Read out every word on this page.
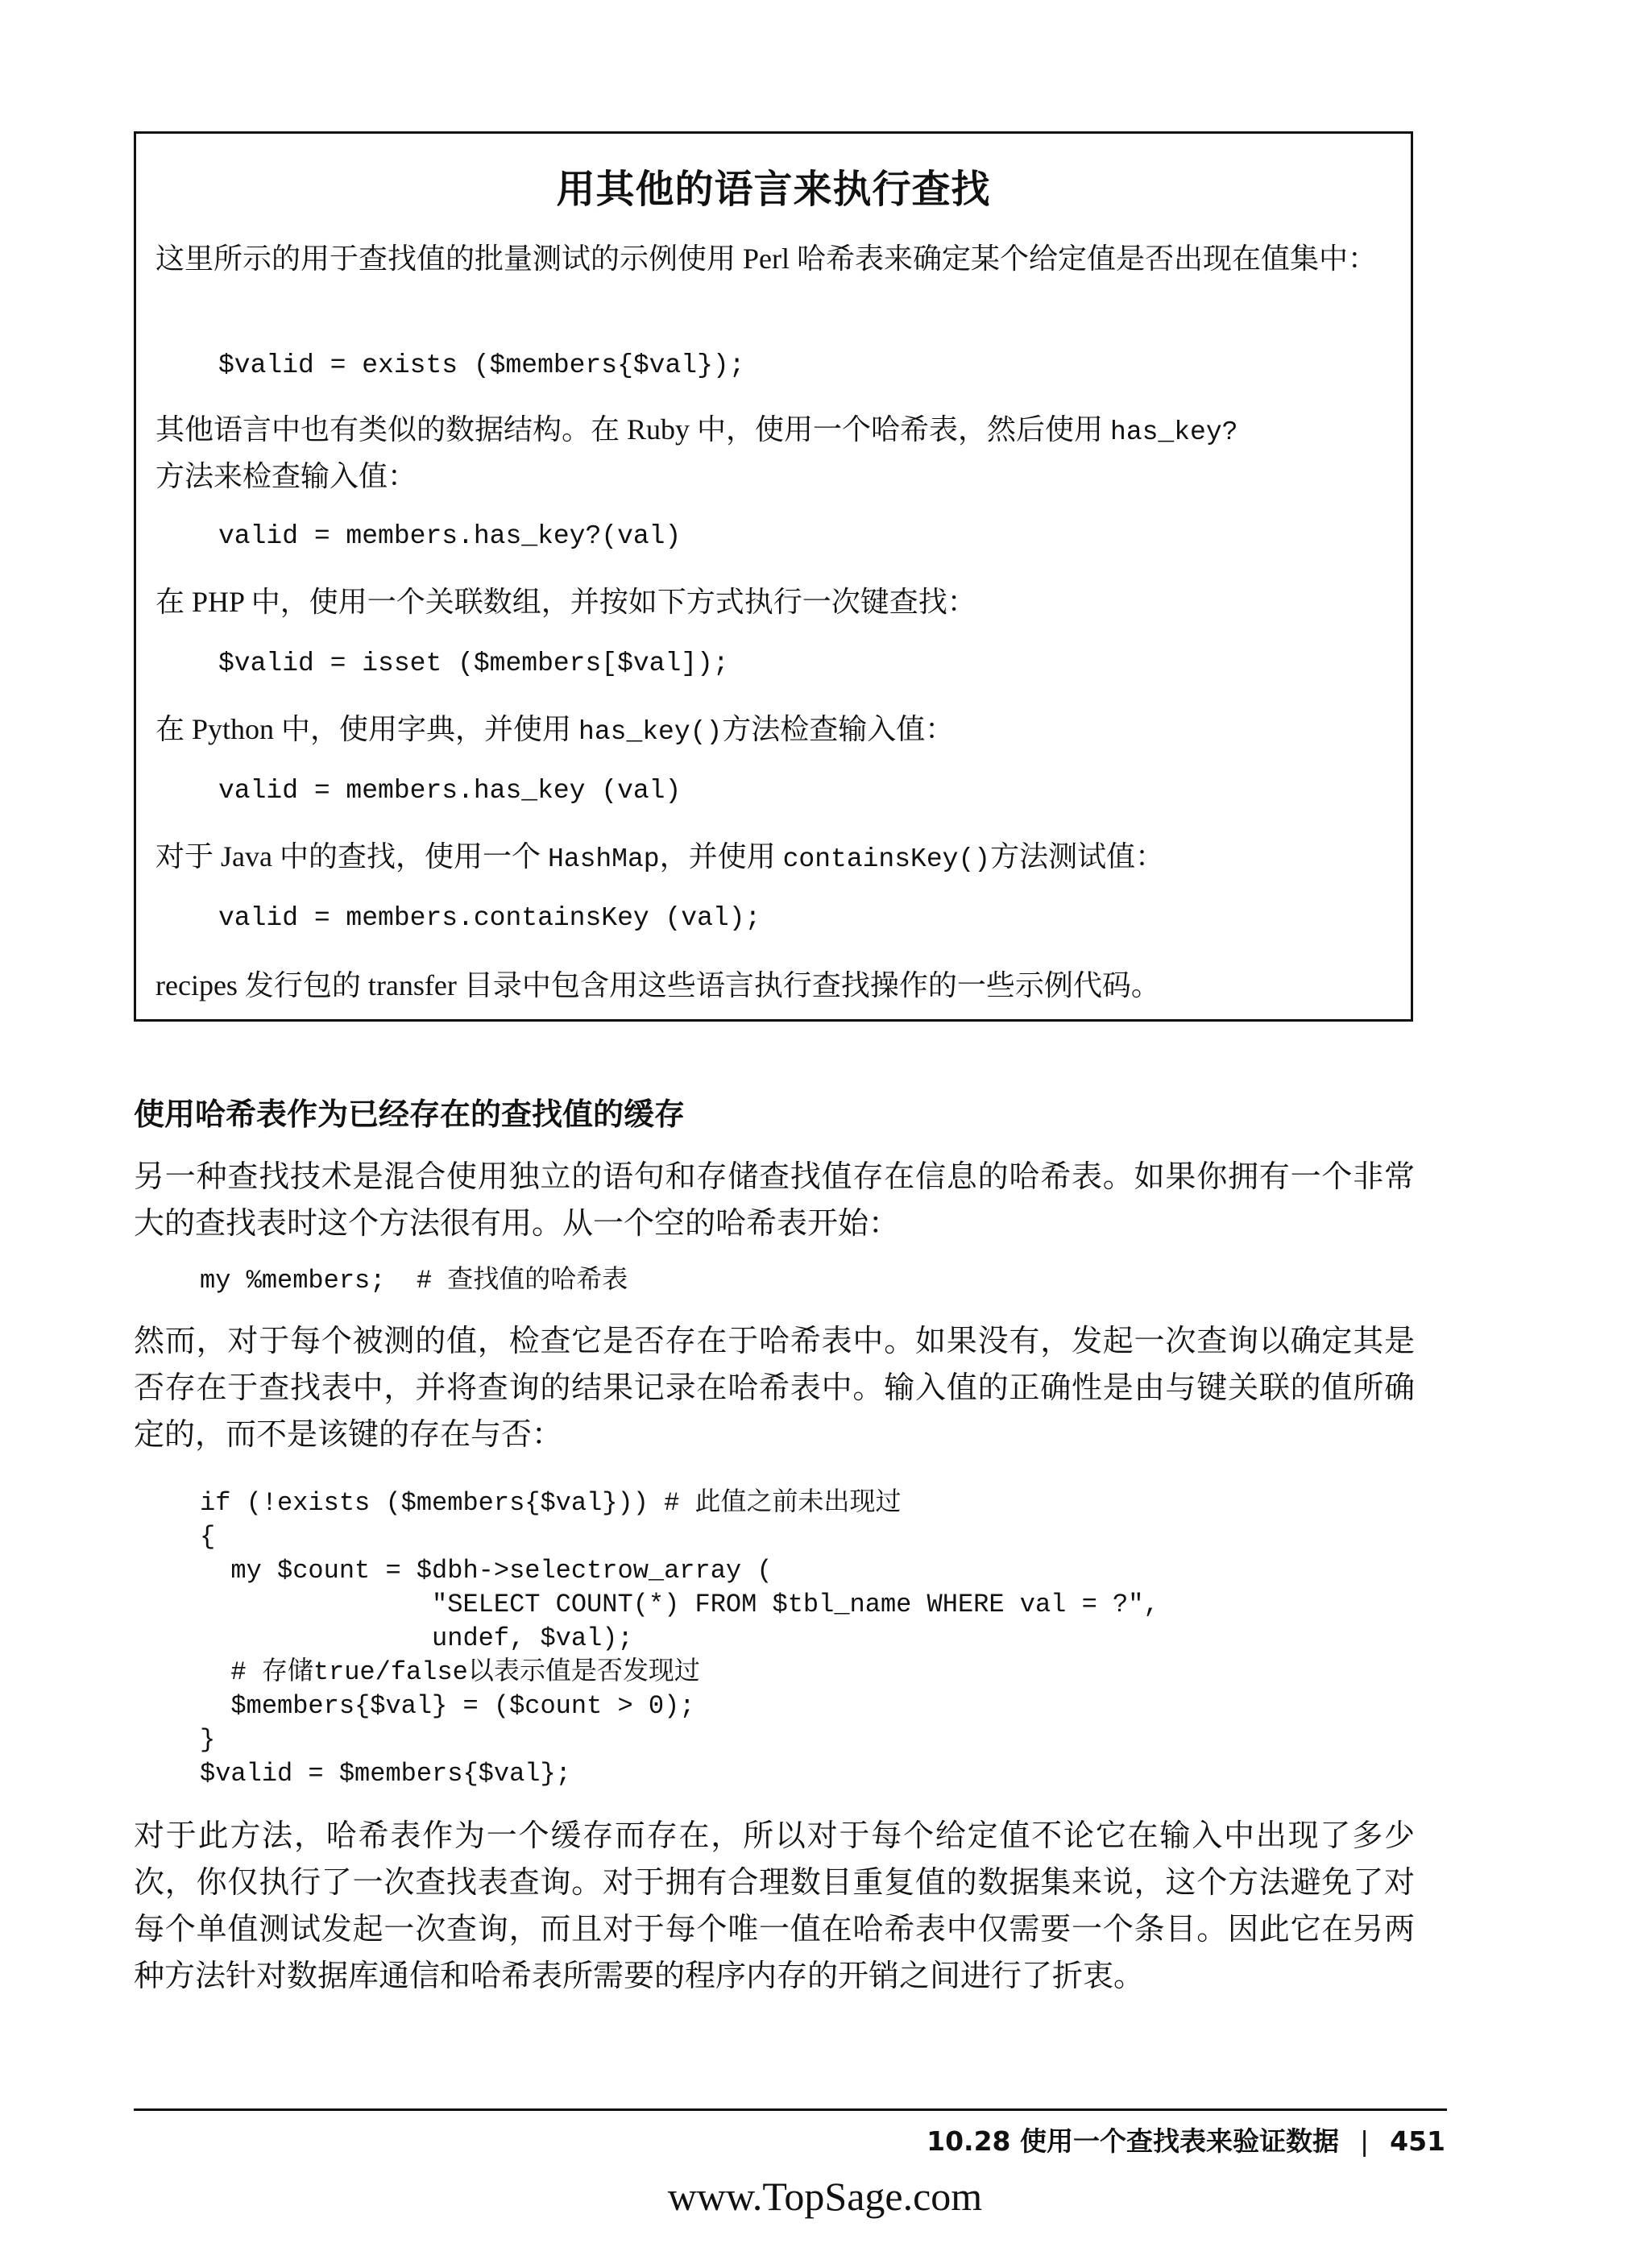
用其他的语言来执行查找
这里所示的用于查找值的批量测试的示例使用 Perl 哈希表来确定某个给定值是否出现在值集中：
$valid = exists ($members{$val});
其他语言中也有类似的数据结构。在 Ruby 中，使用一个哈希表，然后使用 has_key?
方法来检查输入值：
valid = members.has_key?(val)
在 PHP 中，使用一个关联数组，并按如下方式执行一次键查找：
$valid = isset ($members[$val]);
在 Python 中，使用字典，并使用 has_key()方法检查输入值：
valid = members.has_key (val)
对于 Java 中的查找，使用一个 HashMap，并使用 containsKey()方法测试值：
valid = members.containsKey (val);
recipes 发行包的 transfer 目录中包含用这些语言执行查找操作的一些示例代码。
使用哈希表作为已经存在的查找值的缓存
另一种查找技术是混合使用独立的语句和存储查找值存在信息的哈希表。如果你拥有一个非常大的查找表时这个方法很有用。从一个空的哈希表开始：
my %members;  # 查找值的哈希表
然而，对于每个被测的值，检查它是否存在于哈希表中。如果没有，发起一次查询以确定其是否存在于查找表中，并将查询的结果记录在哈希表中。输入值的正确性是由与键关联的值所确定的，而不是该键的存在与否：
if (!exists ($members{$val})) # 此值之前未出现过
{
my $count = $dbh->selectrow_array (
"SELECT COUNT(*) FROM $tbl_name WHERE val = ?",
undef, $val);
# 存储true/false以表示值是否发现过
$members{$val} = ($count > 0);
}
$valid = $members{$val};
对于此方法，哈希表作为一个缓存而存在，所以对于每个给定值不论它在输入中出现了多少次，你仅执行了一次查找表查询。对于拥有合理数目重复值的数据集来说，这个方法避免了对每个单值测试发起一次查询，而且对于每个唯一值在哈希表中仅需要一个条目。因此它在另两种方法针对数据库通信和哈希表所需要的程序内存的开销之间进行了折衷。
10.28 使用一个查找表来验证数据 | 451
www.TopSage.com
